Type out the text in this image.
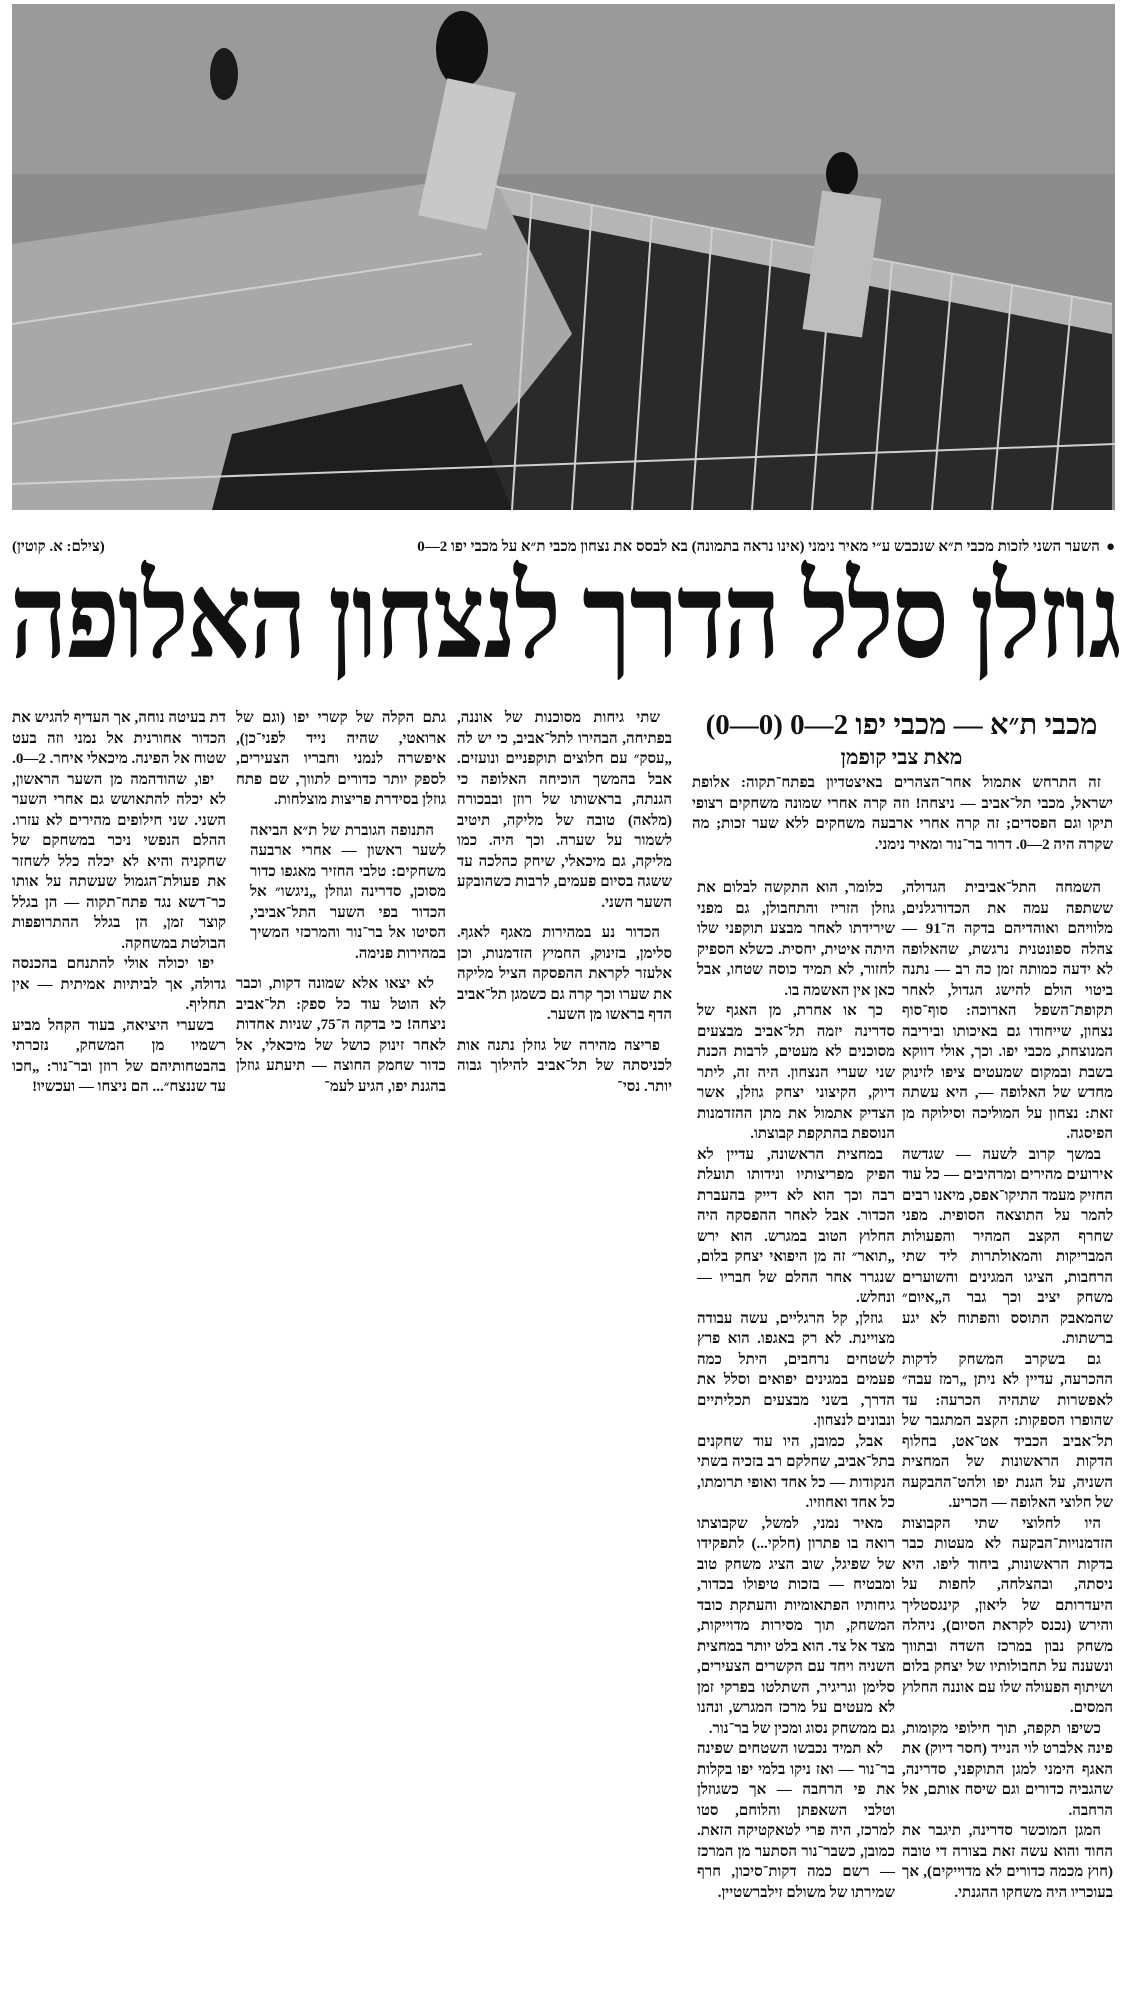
●השער השני לזכות מכבי ת״א שנכבש ע״י מאיר נימני (אינו נראה בתמונה) בא לבסס את נצחון מכבי ת״א על מכבי יפו 2—0
(צילם: א. קוטין)
גוזלן סלל הדרך לנצחון האלופה
מכבי ת״א — מכבי יפו 2—0 (0—0)
מאת צבי קופמן

זה התרחש אתמול אחר־הצהרים באיצטדיון בפתח־תקוה: אלופת ישראל, מכבי תל־אביב — ניצחה! וזה קרה אחרי שמונה משחקים רצופי תיקו וגם הפסדים; זה קרה אחרי ארבעה משחקים ללא שער זכות; מה שקרה היה 2—0. דרור בר־נור ומאיר נימני.

השמחה התל־אביבית הגדולה, ששתפה עמה את הכדורגלנים, מלוויהם ואוהדיהם בדקה ה־91 — צהלה ספונטנית נרגשת, שהאלופה לא ידעה כמותה זמן כה רב — נתנה ביטוי הולם להישג הגדול, לאחר תקופת־השפל הארוכה: סוף־סוף נצחון, שייחודו גם באיכותו וביריבה המנוצחת, מכבי יפו. וכך, אולי דווקא בשבת ובמקום שמעטים ציפו לזינוק מחדש של האלופה —, היא עשתה זאת: נצחון על המוליכה וסילוקה מן הפיסגה.

במשך קרוב לשעה — שגדשה אירועים מהירים ומרהיבים — כל עוד החזיק מעמד התיקו־אפס, מיאנו רבים להמר על התוצאה הסופית. מפני שחרף הקצב המהיר והפעולות המבריקות והמאולתרות ליד שתי הרחבות, הציגו המגינים והשוערים משחק יציב וכך גבר ה„איום״ שהמאבק התוסס והפתוח לא יגע ברשתות.

גם בשקרב המשחק לדקות ההכרעה, עדיין לא ניתן „רמז עבה״ לאפשרות שתהיה הכרעה: עד שהופרו הספקות: הקצב המתגבר של תל־אביב הכביד אט־אט, בחלוף הדקות הראשונות של המחצית השניה, על הגנת יפו ולהט־ההבקעה של חלוצי האלופה — הכריע.

היו לחלוצי שתי הקבוצות הזדמנויות־הבקעה לא מעטות כבר בדקות הראשונות, ביחוד ליפו. היא ניסתה, ובהצלחה, לחפות על היעדרותם של ליאון, קינגסטליך והירש (נכנס לקראת הסיום), ניהלה משחק נבון במרכז השדה ובתווך ונשענה על תחבולותיו של יצחק בלום ושיתוף הפעולה שלו עם אוננה החלוץ המסים.

כשיפו תקפה, תוך חילופי מקומות, פינה אלברט לוי הנייד (חסר דיוק) את האגף הימני למגן התוקפני, סדרינה, שהגביה כדורים וגם שיסח אותם, אל הרחבה.

המגן המוכשר סדרינה, תיגבר את החוד והוא עשה זאת בצורה די טובה (חוץ מכמה כדורים לא מדוייקים), אך בעוכריו היה משחקו ההגנתי.

כלומר, הוא התקשה לבלום את גוזלן הזריז והתחבולן, גם מפני שירידתו לאחר מבצע תוקפני שלו היתה איטית, יחסית. כשלא הספיק לחזור, לא תמיד כוסה שטחו, אבל כאן אין האשמה בו.

כך או אחרת, מן האגף של סדרינה יזמה תל־אביב מבצעים מסוכנים לא מעטים, לרבות הכנת שני שערי הנצחון. היה זה, ליתר דיוק, הקיצוני יצחק גוזלן, אשר הצדיק אתמול את מתן ההזדמנות הנוספת בהתקפת קבוצתו.

במחצית הראשונה, עדיין לא הפיק מפריצותיו ונידותו תועלת רבה וכך הוא לא דייק בהעברת הכדור. אבל לאחר ההפסקה היה החלוץ הטוב במגרש. הוא ירש „תואר״ זה מן היפואי יצחק בלום, שנגרר אחר ההלם של חבריו — ונחלש.

גוזלן, קל הרגליים, עשה עבודה מצויינת. לא רק באגפו. הוא פרץ לשטחים נרחבים, היתל כמה פעמים במגינים יפואים וסלל את הדרך, בשני מבצעים תכליתיים ונבונים לנצחון.

אבל, כמובן, היו עוד שחקנים בתל־אביב, שחלקם רב בזכיה בשתי הנקודות — כל אחד ואופי תרומתו, כל אחד ואחוזיו.

מאיר נמני, למשל, שקבוצתו רואה בו פתרון (חלקי...) לתפקידו של שפיגל, שוב הציג משחק טוב ומבטיח — בזכות טיפולו בכדור, גיחותיו הפתאומיות והעתקת כובד המשחק, תוך מסירות מדוייקות, מצד אל צד. הוא בלט יותר במחצית השניה ויחד עם הקשרים הצעירים, סלימן וגריגיר, השתלטו בפרקי זמן לא מעטים על מרכז המגרש, ונהנו גם ממשחק נסוג ומכין של בר־נור.

לא תמיד נכבשו השטחים שפינה בר־נור — ואז ניקו בלמי יפו בקלות את פי הרחבה — אך כשגוזלן וטלבי השאפתן והלוחם, סטו למרכז, היה פרי לטאקטיקה הזאת. כמובן, כשבר־נור הסתער מן המרכז — רשם כמה דקות־סיכון, חרף שמירתו של משולם זילברשטיין.

שתי גיחות מסוכנות של אוננה, בפתיחה, הבהירו לתל־אביב, כי יש לה „עסק״ עם חלוצים תוקפניים ונועזים. אבל בהמשך הוכיחה האלופה כי הגנתה, בראשותו של רוזן ובבכורה (מלאה) טובה של מליקה, תיטיב לשמור על שערה. וכך היה. כמו מליקה, גם מיכאלי, שיחק כהלכה עד ששגה בסיום פעמים, לרבות כשהובקע השער השני.

הכדור נע במהירות מאגף לאגף. סלימן, בזינוק, החמיץ הזדמנות, וכן אלעזר לקראת ההפסקה הציל מליקה את שערו וכך קרה גם כשמגן תל־אביב הדף בראשו מן השער.

פריצה מהירה של גוזלן נתנה אות לכניסתה של תל־אביב להילוך גבוה יותר. נסי־

גתם הקלה של קשרי יפו (וגם של ארואטי, שהיה נייד לפני־כן), איפשרה לנמני וחבריו הצעירים, לספק יותר כדורים לתווך, שם פתח גוזלן בסידרת פריצות מוצלחות.

התנופה הגוברת של ת״א הביאה לשער ראשון — אחרי ארבעה משחקים: טלבי החזיר מאגפו כדור מסוכן, סדרינה וגוזלן „ניגשו״ אל הכדור בפי השער התל־אביבי, הסיטו אל בר־נור והמרכזי המשיך במהירות פנימה.

לא יצאו אלא שמונה דקות, וכבר לא הוטל עוד כל ספק: תל־אביב ניצחה! כי בדקה ה־75, שניות אחדות לאחר זינוק כושל של מיכאלי, אל כדור שחמק החוצה — תיעתע גוזלן בהגנת יפו, הגיע לעמ־

דת בעיטה נוחה, אך העדיף להגיש את הכדור אחורנית אל נמני וזה בעט שטוח אל הפינה. מיכאלי איחר. 2—0.

יפו, שהודהמה מן השער הראשון, לא יכלה להתאושש גם אחרי השער השני. שני חילופים מהירים לא עזרו. ההלם הנפשי ניכר במשחקם של שחקניה והיא לא יכלה כלל לשחזר את פעולת־הגמול שעשתה על אותו כר־דשא נגד פתח־תקוה — הן בגלל קוצר זמן, הן בגלל ההתרופפות הבולטת במשחקה.

יפו יכולה אולי להתנחם בהכנסה גדולה, אך לביתיות אמיתית — אין תחליף.

בשערי היציאה, בעוד הקהל מביע רשמיו מן המשחק, נזכרתי בהבטחותיהם של רוזן ובר־נור: „חכו עד שננצח״... הם ניצחו — ועכשיו!
